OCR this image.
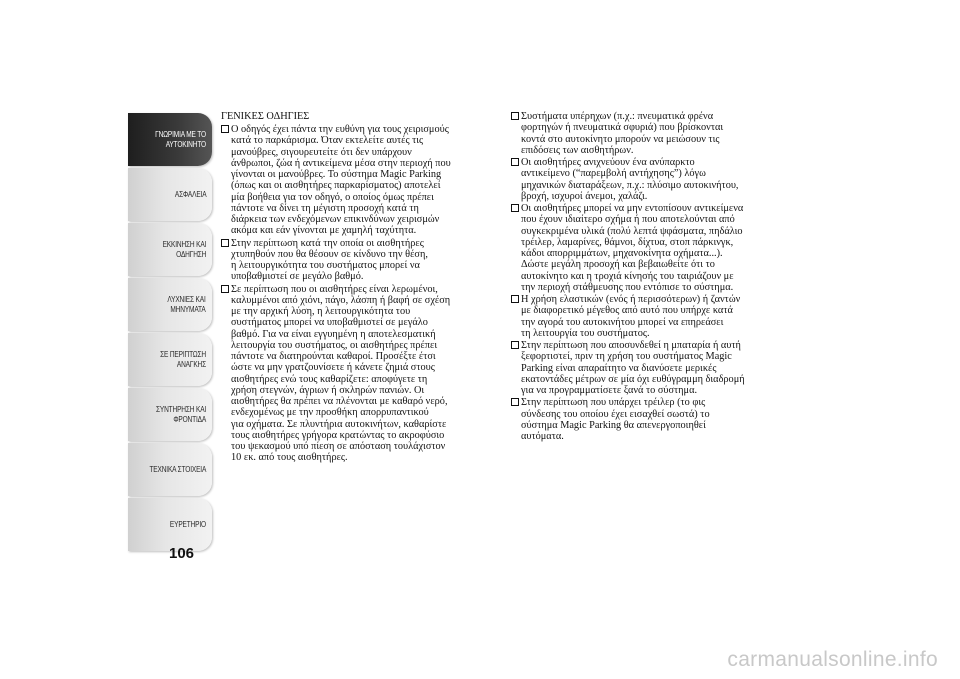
ΓΝΩΡΙΜΙΑ ΜΕ ΤΟ
ΑΥΤΟΚΙΝΗΤΟ
ΑΣΦΑΛΕΙΑ
ΕΚΚΙΝΗΣΗ ΚΑΙ
ΟΔΗΓΗΣΗ
ΛΥΧΝΙΕΣ ΚΑΙ
ΜΗΝΥΜΑΤΑ
ΣΕ ΠΕΡΙΠΤΩΣΗ
ΑΝΑΓΚΗΣ
ΣΥΝΤΗΡΗΣΗ ΚΑΙ
ΦΡΟΝΤΙΔΑ
ΤΕΧΝΙΚΑ ΣΤΟΙΧΕΙΑ
ΕΥΡΕΤΗΡΙΟ
106
ΓΕΝΙΚΕΣ ΟΔΗΓΙΕΣ
Ο οδηγός έχει πάντα την ευθύνη για τους χειρισμούς
κατά το παρκάρισμα. Όταν εκτελείτε αυτές τις
μανούβρες, σιγουρευτείτε ότι δεν υπάρχουν
άνθρωποι, ζώα ή αντικείμενα μέσα στην περιοχή που
γίνονται οι μανούβρες. Το σύστημα Magic Parking
(όπως και οι αισθητήρες παρκαρίσματος) αποτελεί
μία βοήθεια για τον οδηγό, ο οποίος όμως πρέπει
πάντοτε να δίνει τη μέγιστη προσοχή κατά τη
διάρκεια των ενδεχόμενων επικινδύνων χειρισμών
ακόμα και εάν γίνονται με χαμηλή ταχύτητα.
Στην περίπτωση κατά την οποία οι αισθητήρες
χτυπηθούν που θα θέσουν σε κίνδυνο την θέση,
η λειτουργικότητα του συστήματος μπορεί να
υποβαθμιστεί σε μεγάλο βαθμό.
Σε περίπτωση που οι αισθητήρες είναι λερωμένοι,
καλυμμένοι από χιόνι, πάγο, λάσπη ή βαφή σε σχέση
με την αρχική λύση, η λειτουργικότητα του
συστήματος μπορεί να υποβαθμιστεί σε μεγάλο
βαθμό. Για να είναι εγγυημένη η αποτελεσματική
λειτουργία του συστήματος, οι αισθητήρες πρέπει
πάντοτε να διατηρούνται καθαροί. Προσέξτε έτσι
ώστε να μην γρατζουνίσετε ή κάνετε ζημιά στους
αισθητήρες ενώ τους καθαρίζετε: αποφύγετε τη
χρήση στεγνών, άγριων ή σκληρών πανιών. Οι
αισθητήρες θα πρέπει να πλένονται με καθαρό νερό,
ενδεχομένως με την προσθήκη απορρυπαντικού
για οχήματα. Σε πλυντήρια αυτοκινήτων, καθαρίστε
τους αισθητήρες γρήγορα κρατώντας το ακροφύσιο
του ψεκασμού υπό πίεση σε απόσταση τουλάχιστον
10 εκ. από τους αισθητήρες.
Συστήματα υπέρηχων (π.χ.: πνευματικά φρένα
φορτηγών ή πνευματικά σφυριά) που βρίσκονται
κοντά στο αυτοκίνητο μπορούν να μειώσουν τις
επιδόσεις των αισθητήρων.
Οι αισθητήρες ανιχνεύουν ένα ανύπαρκτο
αντικείμενο (“παρεμβολή αντήχησης”) λόγω
μηχανικών διαταράξεων, π.χ.: πλύσιμο αυτοκινήτου,
βροχή, ισχυροί άνεμοι, χαλάζι.
Οι αισθητήρες μπορεί να μην εντοπίσουν αντικείμενα
που έχουν ιδιαίτερο σχήμα ή που αποτελούνται από
συγκεκριμένα υλικά (πολύ λεπτά ψφάσματα, πηδάλιο
τρέιλερ, λαμαρίνες, θάμνοι, δίχτυα, στοπ πάρκινγκ,
κάδοι απορριμμάτων, μηχανοκίνητα οχήματα...).
Δώστε μεγάλη προσοχή και βεβαιωθείτε ότι το
αυτοκίνητο και η τροχιά κίνησής του ταιριάζουν με
την περιοχή στάθμευσης που εντόπισε το σύστημα.
Η χρήση ελαστικών (ενός ή περισσότερων) ή ζαντών
με διαφορετικό μέγεθος από αυτό που υπήρχε κατά
την αγορά του αυτοκινήτου μπορεί να επηρεάσει
τη λειτουργία του συστήματος.
Στην περίπτωση που αποσυνδεθεί η μπαταρία ή αυτή
ξεφορτιστεί, πριν τη χρήση του συστήματος Magic
Parking είναι απαραίτητο να διανύσετε μερικές
εκατοντάδες μέτρων σε μία όχι ευθύγραμμη διαδρομή
για να προγραμματίσετε ξανά το σύστημα.
Στην περίπτωση που υπάρχει τρέιλερ (το φις
σύνδεσης του οποίου έχει εισαχθεί σωστά) το
σύστημα Magic Parking θα απενεργοποιηθεί
αυτόματα.
carmanualsonline.info
